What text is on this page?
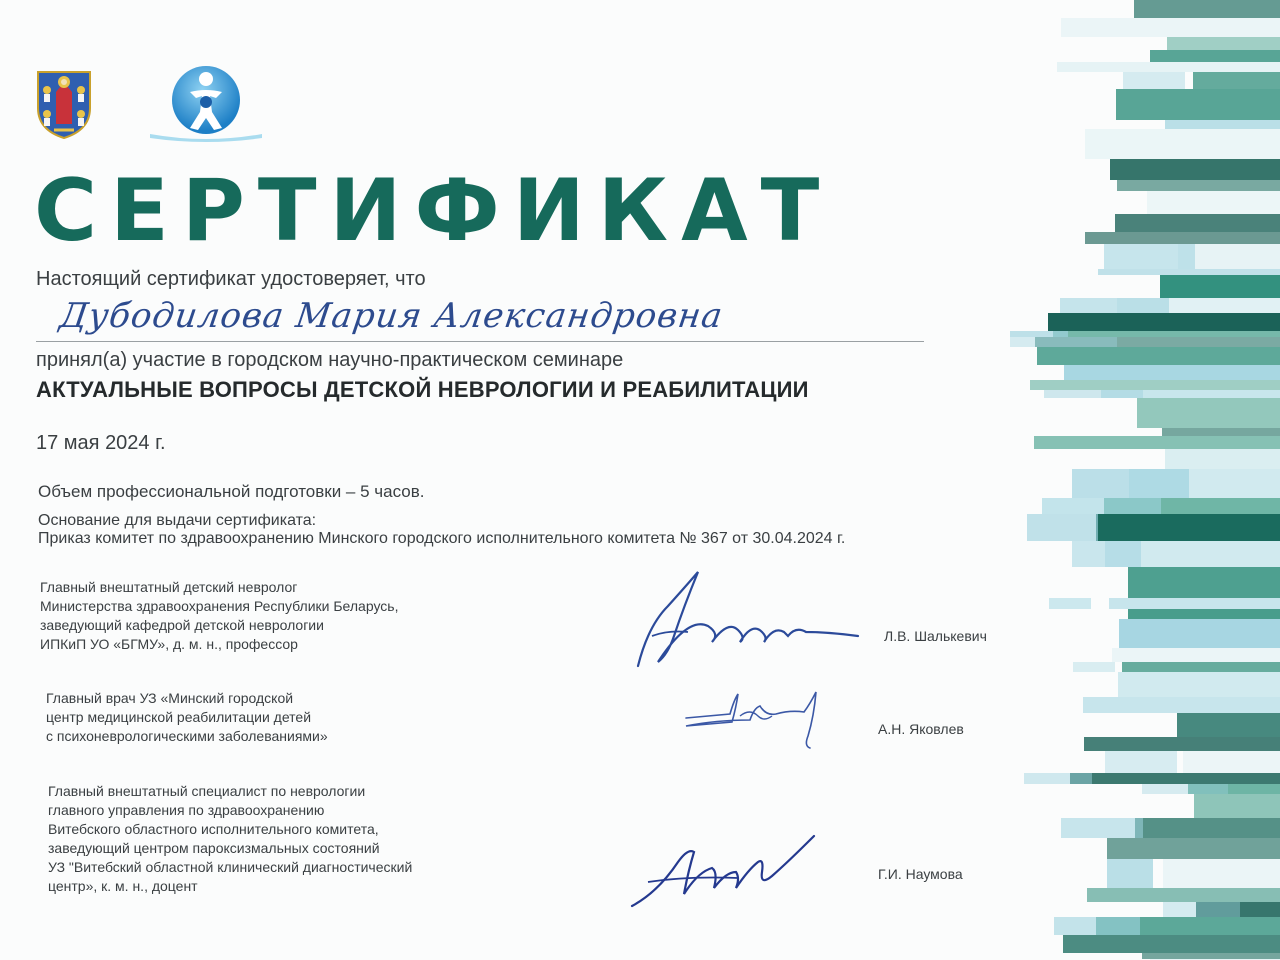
СЕРТИФИКАТ

Настоящий сертификат удостоверяет, что

Дубодилова Мария Александровна

принял(а) участие в городском научно-практическом семинаре

АКТУАЛЬНЫЕ ВОПРОСЫ ДЕТСКОЙ НЕВРОЛОГИИ И РЕАБИЛИТАЦИИ

17 мая 2024 г.

Объем профессиональной подготовки – 5 часов.

Основание для выдачи сертификата:

Приказ комитет по здравоохранению Минского городского исполнительного комитета № 367 от 30.04.2024 г.

Главный внештатный детский невролог
Министерства здравоохранения Республики Беларусь,
заведующий кафедрой детской неврологии
ИПКиП УО «БГМУ», д. м. н., профессор	Л.В. Шалькевич
Главный врач УЗ «Минский городской
центр медицинской реабилитации детей
с психоневрологическими заболеваниями»	А.Н. Яковлев
Главный внештатный специалист по неврологии
главного управления по здравоохранению
Витебского областного исполнительного комитета,
заведующий центром пароксизмальных состояний
УЗ "Витебский областной клинический диагностический
центр», к. м. н., доцент
Г.И. Наумова
